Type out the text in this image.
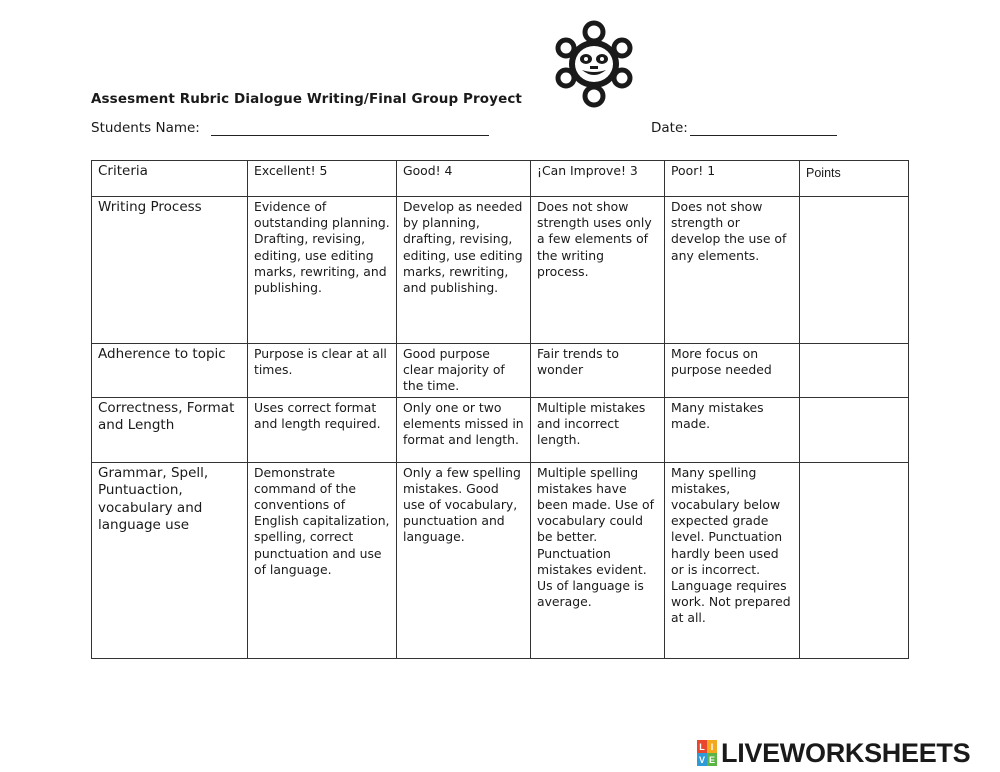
Assesment Rubric Dialogue Writing/Final Group Proyect
Students Name:	Date:
Criteria	Excellent! 5	Good! 4	¡Can Improve! 3	Poor! 1	Points
Writing Process	Evidence of outstanding planning. Drafting, revising, editing, use editing marks, rewriting, and publishing.	Develop as needed by planning, drafting, revising, editing, use editing marks, rewriting, and publishing.	Does not show strength uses only a few elements of the writing process.	Does not show strength or develop the use of any elements.	
Adherence to topic	Purpose is clear at all times.	Good purpose clear majority of the time.	Fair trends to wonder	More focus on purpose needed	
Correctness, Format and Length	Uses correct format and length required.	Only one or two elements missed in format and length.	Multiple mistakes and incorrect length.	Many mistakes made.	
Grammar, Spell, Puntuaction, vocabulary and language use	Demonstrate command of the conventions of English capitalization, spelling, correct punctuation and use of language.	Only a few spelling mistakes. Good use of vocabulary, punctuation and language.	Multiple spelling mistakes have been made. Use of vocabulary could be better. Punctuation mistakes evident. Us of language is average.	Many spelling mistakes, vocabulary below expected grade level. Punctuation hardly been used or is incorrect. Language requires work. Not prepared at all.	
L I
V E LIVEWORKSHEETS
